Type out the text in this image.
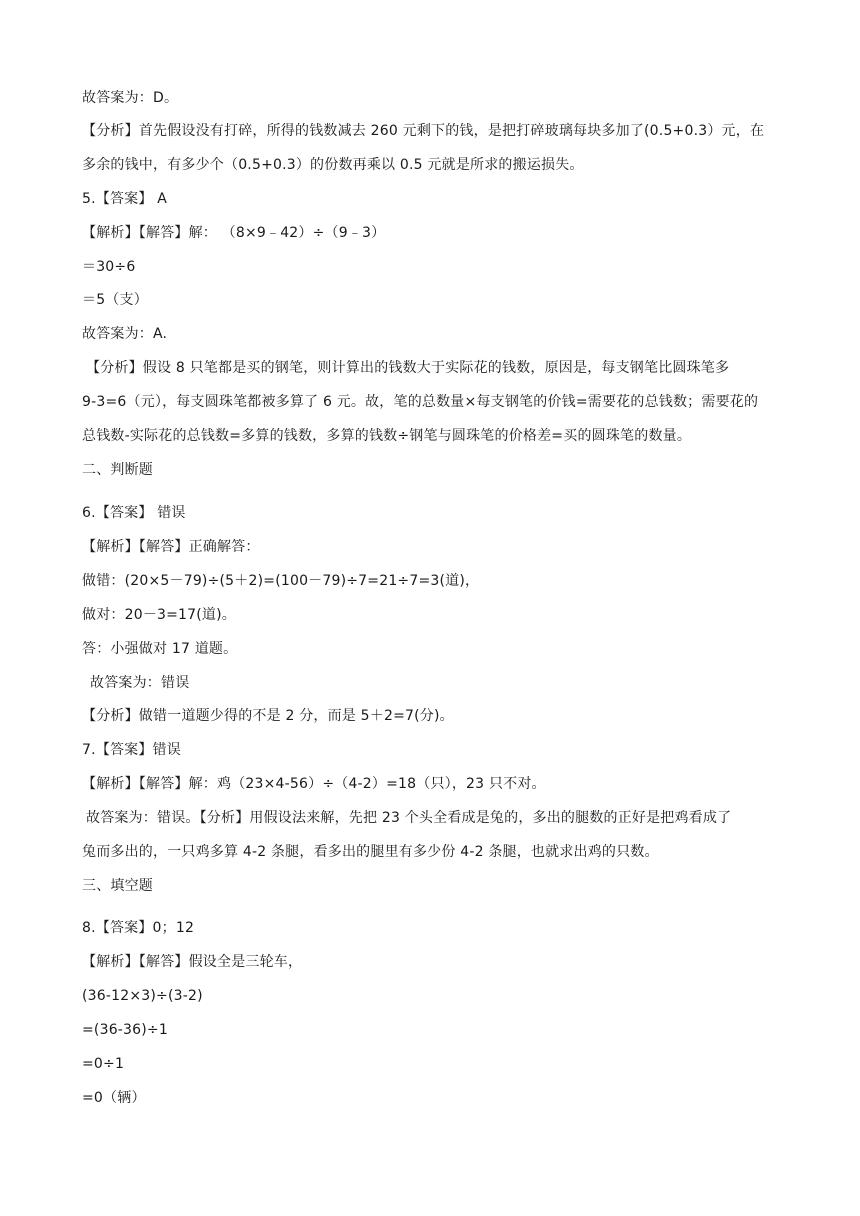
故答案为：D。
【分析】首先假设没有打碎，所得的钱数减去 260 元剩下的钱，是把打碎玻璃每块多加了(0.5+0.3）元，在
多余的钱中，有多少个（0.5+0.3）的份数再乘以 0.5 元就是所求的搬运损失。
5.【答案】 A
【解析】【解答】解： （8×9﹣42）÷（9﹣3）
＝30÷6
＝5（支）
故答案为：A.
【分析】假设 8 只笔都是买的钢笔，则计算出的钱数大于实际花的钱数，原因是，每支钢笔比圆珠笔多
9-3=6（元），每支圆珠笔都被多算了 6 元。故，笔的总数量×每支钢笔的价钱=需要花的总钱数；需要花的
总钱数-实际花的总钱数=多算的钱数，多算的钱数÷钢笔与圆珠笔的价格差=买的圆珠笔的数量。
二、判断题
6.【答案】 错误
【解析】【解答】正确解答：
做错：(20×5－79)÷(5＋2)=(100－79)÷7=21÷7=3(道)，
做对：20－3=17(道)。
答：小强做对 17 道题。
故答案为：错误
【分析】做错一道题少得的不是 2 分，而是 5＋2=7(分)。
7.【答案】错误
【解析】【解答】解：鸡（23×4-56）÷（4-2）=18（只），23 只不对。
故答案为：错误。【分析】用假设法来解，先把 23 个头全看成是兔的，多出的腿数的正好是把鸡看成了
兔而多出的，一只鸡多算 4-2 条腿，看多出的腿里有多少份 4-2 条腿，也就求出鸡的只数。
三、填空题
8.【答案】0；12
【解析】【解答】假设全是三轮车，
(36-12×3)÷(3-2)
=(36-36)÷1
=0÷1
=0（辆）
